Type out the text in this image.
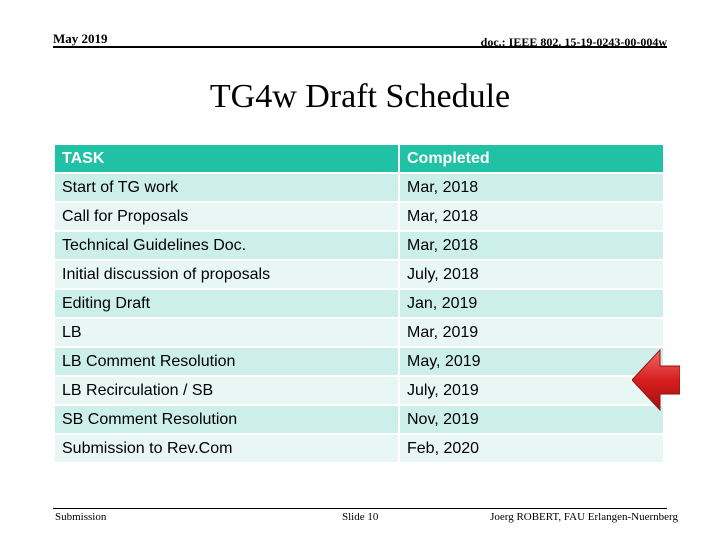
May 2019	doc.: IEEE 802. 15-19-0243-00-004w
TG4w Draft Schedule
TASK	Completed
Start of TG work	Mar, 2018
Call for Proposals	Mar, 2018
Technical Guidelines Doc.	Mar, 2018
Initial discussion of proposals	July, 2018
Editing Draft	Jan, 2019
LB	Mar, 2019
LB Comment Resolution	May, 2019
LB Recirculation / SB	July, 2019
SB Comment Resolution	Nov, 2019
Submission to Rev.Com	Feb, 2020
Submission	Slide 10	Joerg ROBERT, FAU Erlangen-Nuernberg
